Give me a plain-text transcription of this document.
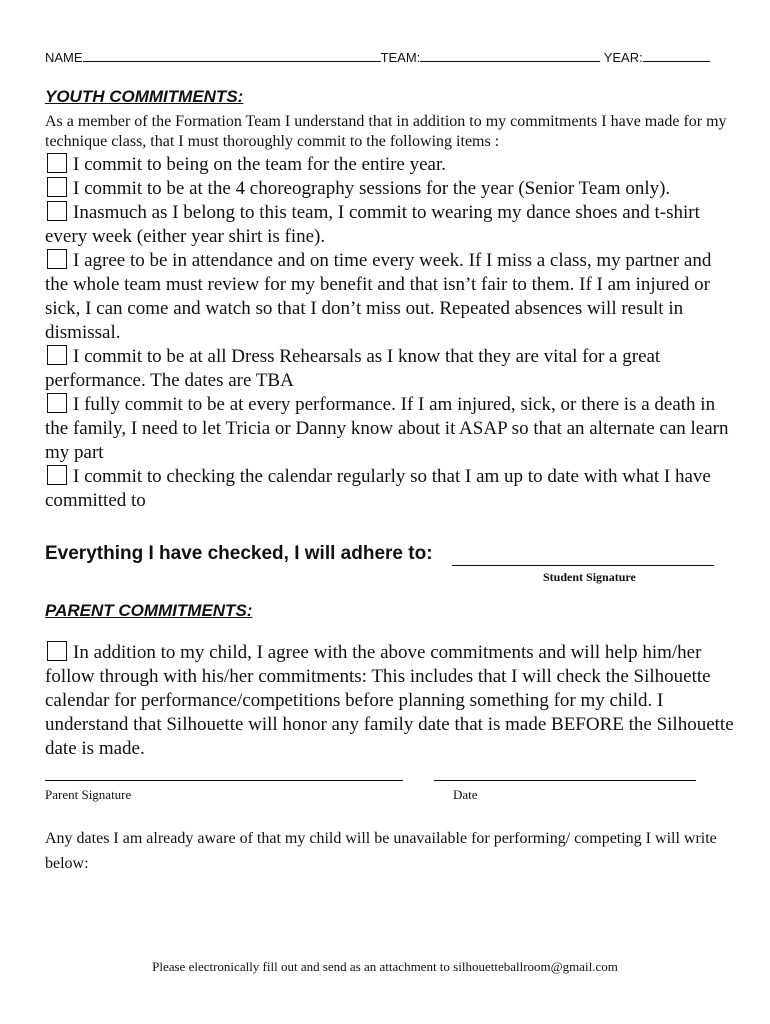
NAME	TEAM:	YEAR:
YOUTH COMMITMENTS:
As a member of the Formation Team I understand that in addition to my commitments I have made for my technique class, that I must thoroughly commit to the following items :

I commit to being on the team for the entire year.

I commit to be at the 4 choreography sessions for the year (Senior Team only).

Inasmuch as I belong to this team, I commit to wearing my dance shoes and t-shirt every week (either year shirt is fine).

I agree to be in attendance and on time every week. If I miss a class, my partner and the whole team must review for my benefit and that isn’t fair to them. If I am injured or sick, I can come and watch so that I don’t miss out. Repeated absences will result in dismissal.

I commit to be at all Dress Rehearsals as I know that they are vital for a great performance. The dates are TBA

I fully commit to be at every performance. If I am injured, sick, or there is a death in the family, I need to let Tricia or Danny know about it ASAP so that an alternate can learn my part

I commit to checking the calendar regularly so that I am up to date with what I have committed to

Everything I have checked, I will adhere to:
Student Signature
PARENT COMMITMENTS:
In addition to my child, I agree with the above commitments and will help him/her follow through with his/her commitments: This includes that I will check the Silhouette calendar for performance/competitions before planning something for my child. I understand that Silhouette will honor any family date that is made BEFORE the Silhouette date is made.
Parent Signature	Date
Any dates I am already aware of that my child will be unavailable for performing/ competing I will write below:
Please electronically fill out and send as an attachment to silhouetteballroom@gmail.com
